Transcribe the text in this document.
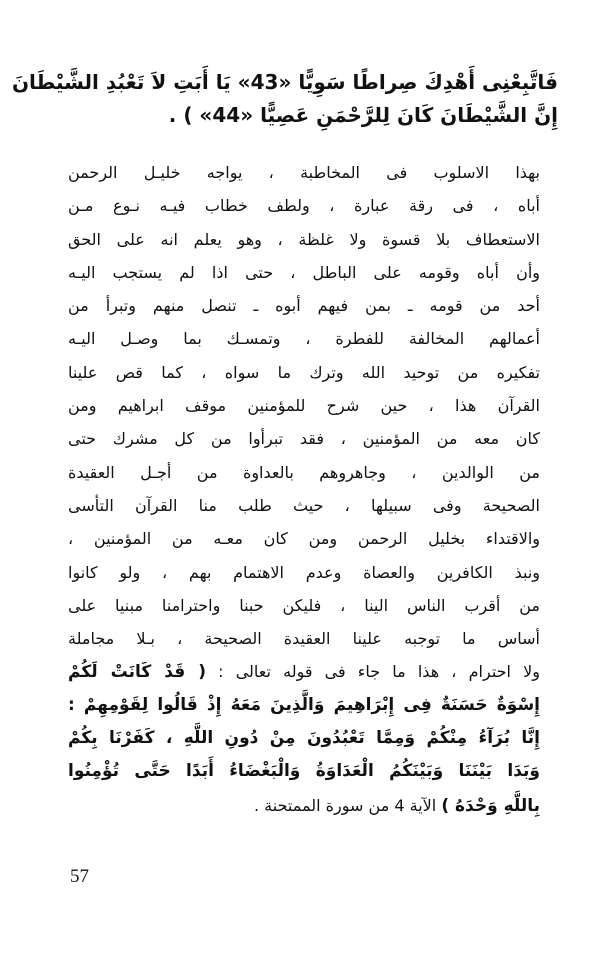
فَاتَّبِعْنِى أَهْدِكَ صِراطًا سَوِيًّا «43» يَا أَبَتِ لاَ تَعْبُدِ الشَّيْطَانَ
إِنَّ الشَّيْطَانَ كَانَ لِلرَّحْمَنِ عَصِيًّا «44» ) .
بهذا الاسلوب فى المخاطبة ، يواجه خليـل الرحمن
أباه ، فى رقة عبارة ، ولطف خطاب فيـه نـوع مـن
الاستعطاف بلا قسوة ولا غلظة ، وهو يعلم انه على الحق
وأن أباه وقومه على الباطل ، حتى اذا لم يستجب اليـه
أحد من قومه ـ بمن فيهم أبوه ـ تنصل منهم وتبرأ من
أعمالهم المخالفة للفطرة ، وتمسـك بما وصـل اليـه
تفكيره من توحيد الله وترك ما سواه ، كما قص علينا
القرآن هذا ، حين شرح للمؤمنين موقف ابراهيم ومن
كان معه من المؤمنين ، فقد تبرأوا من كل مشرك حتى
من الوالدين ، وجاهروهم بالعداوة من أجـل العقيدة
الصحيحة وفى سبيلها ، حيث طلب منا القرآن التأسى
والاقتداء بخليل الرحمن ومن كان معـه من المؤمنين ،
ونبذ الكافرين والعصاة وعدم الاهتمام بهم ، ولو كانوا
من أقرب الناس الينا ، فليكن حبنا واحترامنا مبنيا على
أساس ما توجبه علينا العقيدة الصحيحة ، بـلا مجاملة
ولا احترام ، هذا ما جاء فى قوله تعالى : ( قَدْ كَانَتْ لَكُمْ
إِسْوَةٌ حَسَنَةٌ فِى إِبْرَاهِيمَ وَالَّذِينَ مَعَهُ إِذْ قَالُوا لِقَوْمِهِمْ :
إِنَّا بُرَآءُ مِنْكُمْ وَمِمَّا تَعْبُدُونَ مِنْ دُونِ اللَّهِ ، كَفَرْنَا بِكُمْ
وَبَدَا بَيْنَنَا وَبَيْنَكُمُ الْعَدَاوَةُ وَالْبَغْضَاءُ أَبَدًا حَتَّى تُؤْمِنُوا
بِاللَّهِ وَحْدَهُ ) الآية 4 من سورة الممتحنة .
57
